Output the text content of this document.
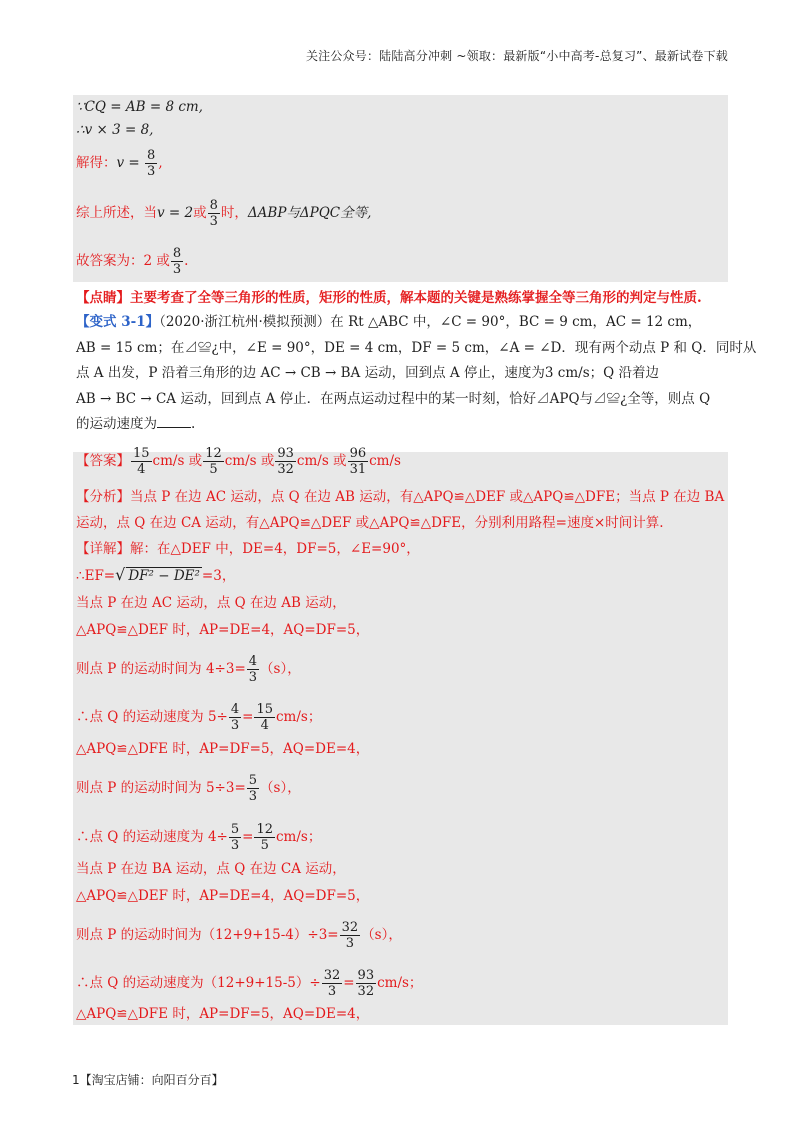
关注公众号：陆陆高分冲刺 ~领取：最新版“小中高考-总复习”、最新试卷下载
∵CQ = AB = 8 cm,
∴v × 3 = 8,
解得：$v = \frac{8}{3}$ ,
综上所述，当v = 2或 $\frac{8}{3}$ 时，ΔABP与ΔPQC全等,
故答案为：2 或 $\frac{8}{3}$ .
【点睛】主要考查了全等三角形的性质，矩形的性质，解本题的关键是熟练掌握全等三角形的判定与性质.
【变式 3-1】（2020·浙江杭州·模拟预测）在 Rt △ABC 中，∠C = 90°，BC = 9 cm，AC = 12 cm，
AB = 15 cm；在⊿≌¿中，∠E = 90°，DE = 4 cm，DF = 5 cm，∠A = ∠D．现有两个动点 P 和 Q．同时从
点 A 出发，P 沿着三角形的边 AC → CB → BA 运动，回到点 A 停止，速度为3 cm/s；Q 沿着边
AB → BC → CA 运动，回到点 A 停止．在两点运动过程中的某一时刻，恰好⊿APQ与⊿≌¿全等，则点 Q
的运动速度为	.
【答案】 $\frac{15}{4} cm/s$ 或 $\frac{12}{5} cm/s$ 或 $\frac{93}{32} cm/s$ 或 $\frac{96}{31} cm/s$
【分析】当点 P 在边 AC 运动，点 Q 在边 AB 运动，有△APQ≌△DEF 或△APQ≌△DFE；当点 P 在边 BA
运动，点 Q 在边 CA 运动，有△APQ≌△DEF 或△APQ≌△DFE，分别利用路程=速度×时间计算.
【详解】解：在△DEF 中，DE=4，DF=5，∠E=90°，
∴EF=√ DF² − DE² =3，
当点 P 在边 AC 运动，点 Q 在边 AB 运动，
△APQ≌△DEF 时，AP=DE=4，AQ=DF=5，
则点 P 的运动时间为 $4\div 3= \frac{4}{3} (s)$，
∴点 Q 的运动速度为 $5\div \frac{4}{3} = \frac{15}{4} cm/s$；
△APQ≌△DFE 时，AP=DF=5，AQ=DE=4，
则点 P 的运动时间为 $5\div 3= \frac{5}{3} (s)$，
∴点 Q 的运动速度为 $4\div \frac{5}{3} = \frac{12}{5} cm/s$；
当点 P 在边 BA 运动，点 Q 在边 CA 运动，
△APQ≌△DEF 时，AP=DE=4，AQ=DF=5，
则点 P 的运动时间为$(12+9+15-4)\div 3= \frac{32}{3} (s)$，
∴点 Q 的运动速度为$(12+9+15-5)\div \frac{32}{3} = \frac{93}{32} cm/s$；
△APQ≌△DFE 时，AP=DF=5，AQ=DE=4，
1【淘宝店铺：向阳百分百】
